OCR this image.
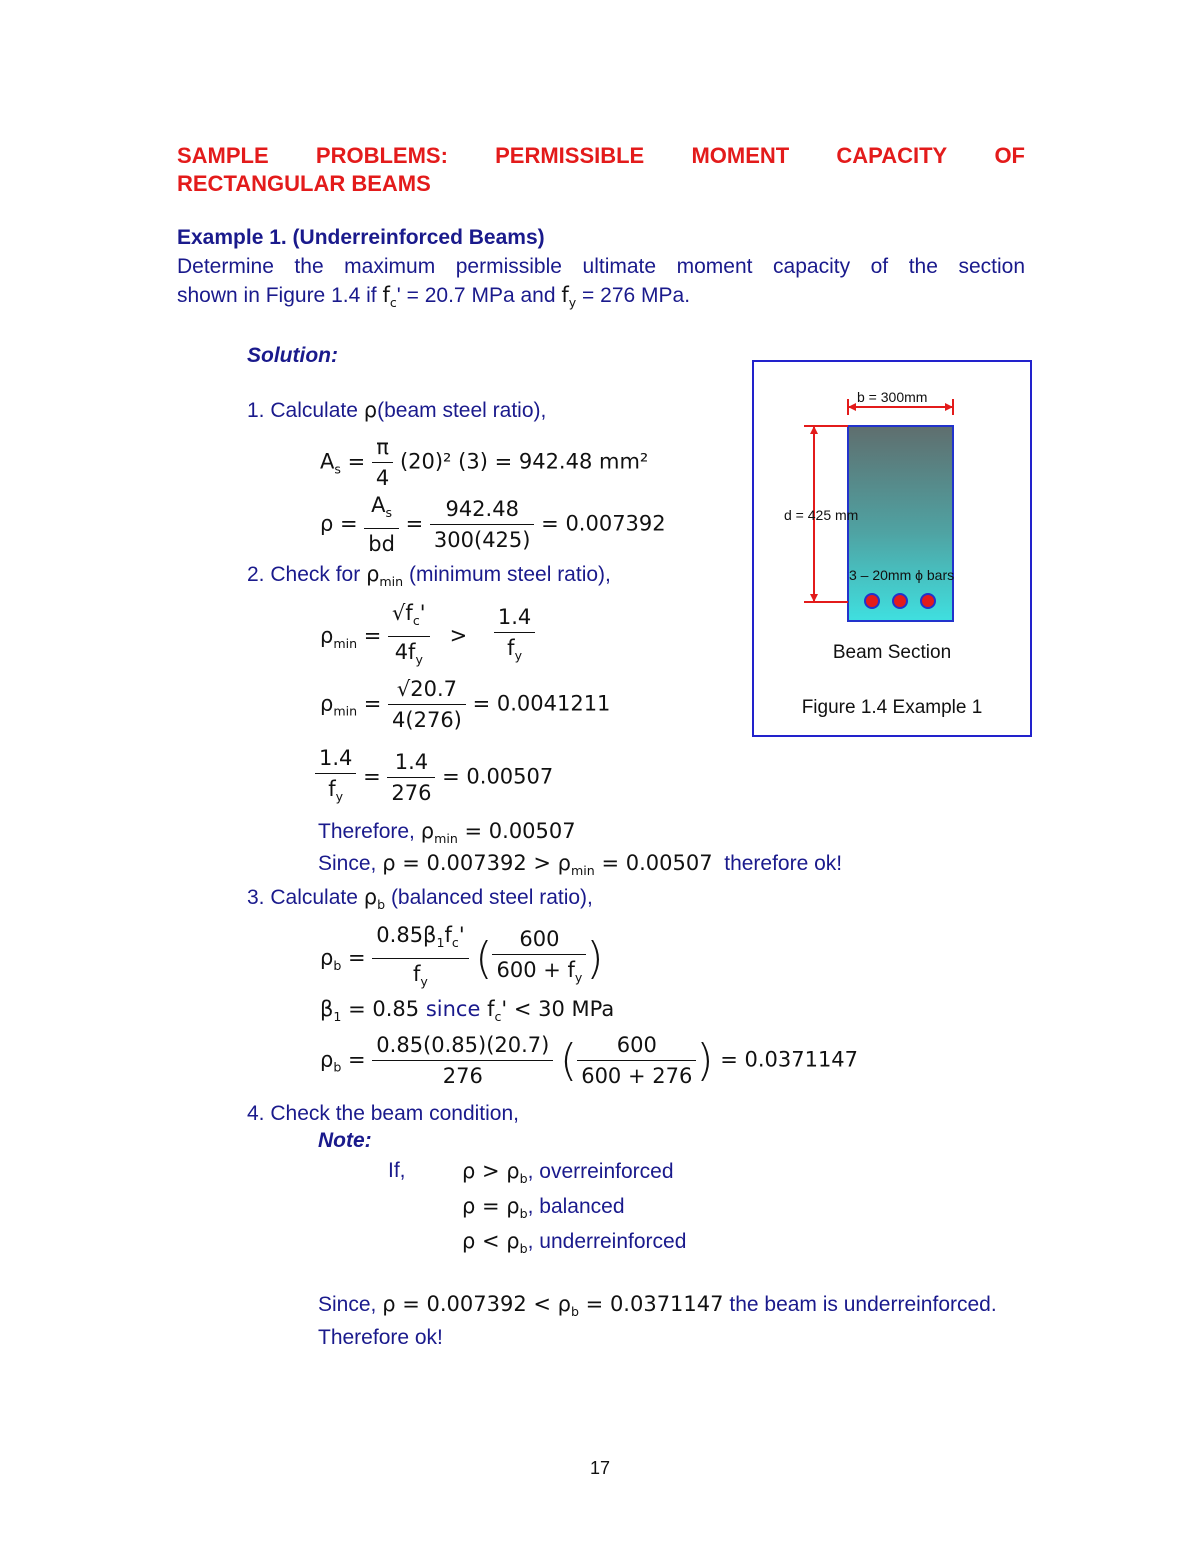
SAMPLE PROBLEMS: PERMISSIBLE MOMENT CAPACITY OF
RECTANGULAR BEAMS
Example 1. (Underreinforced Beams)
Determine the maximum permissible ultimate moment capacity of the section
shown in Figure 1.4 if $f_c' = 20.7$ MPa and $f_y = 276$ MPa.
Solution:
1. Calculate ρ(beam steel ratio),
$A_s = \frac{\pi}{4} (20)^2$ (3) = 942.48 mm²
$\rho = \frac{A_s}{bd} = \frac{942.48}{300(425)} = 0.007392$
2. Check for $\rho_{min}$ (minimum steel ratio),
$\rho_{min} = \frac{√f_c'}{4f_y} > \frac{1.4}{f_y}$
$\rho_{min} = \frac{√20.7}{4(276)} = 0.0041211$
$\frac{1.4}{f_y} = \frac{1.4}{276} = 0.00507$
Therefore, $\rho_{min} = 0.00507$
Since, $\rho = 0.007392 > \rho_{min} = 0.00507$ therefore ok!
3. Calculate $\rho_b$ (balanced steel ratio),
$\rho_b = \frac{0.85\beta_1f_c'}{f_y}$ ( $\frac{600}{600 + f_y}$ )
$\beta_1 = 0.85$ since $f_c' < 30$ MPa
$\rho_b = \frac{0.85(0.85)(20.7)}{276}$ ( $\frac{600}{600 + 276}$ ) = 0.0371147
4. Check the beam condition,
Note:
If,	$\rho > \rho_b$, overreinforced
$\rho = \rho_b$, balanced
$\rho < \rho_b$, underreinforced
Since, $\rho = 0.007392 < \rho_b = 0.0371147$ the beam is underreinforced.
Therefore ok!
b = 300mm
d = 425 mm
3 – 20mm ϕ bars
Beam Section
Figure 1.4 Example 1
17
